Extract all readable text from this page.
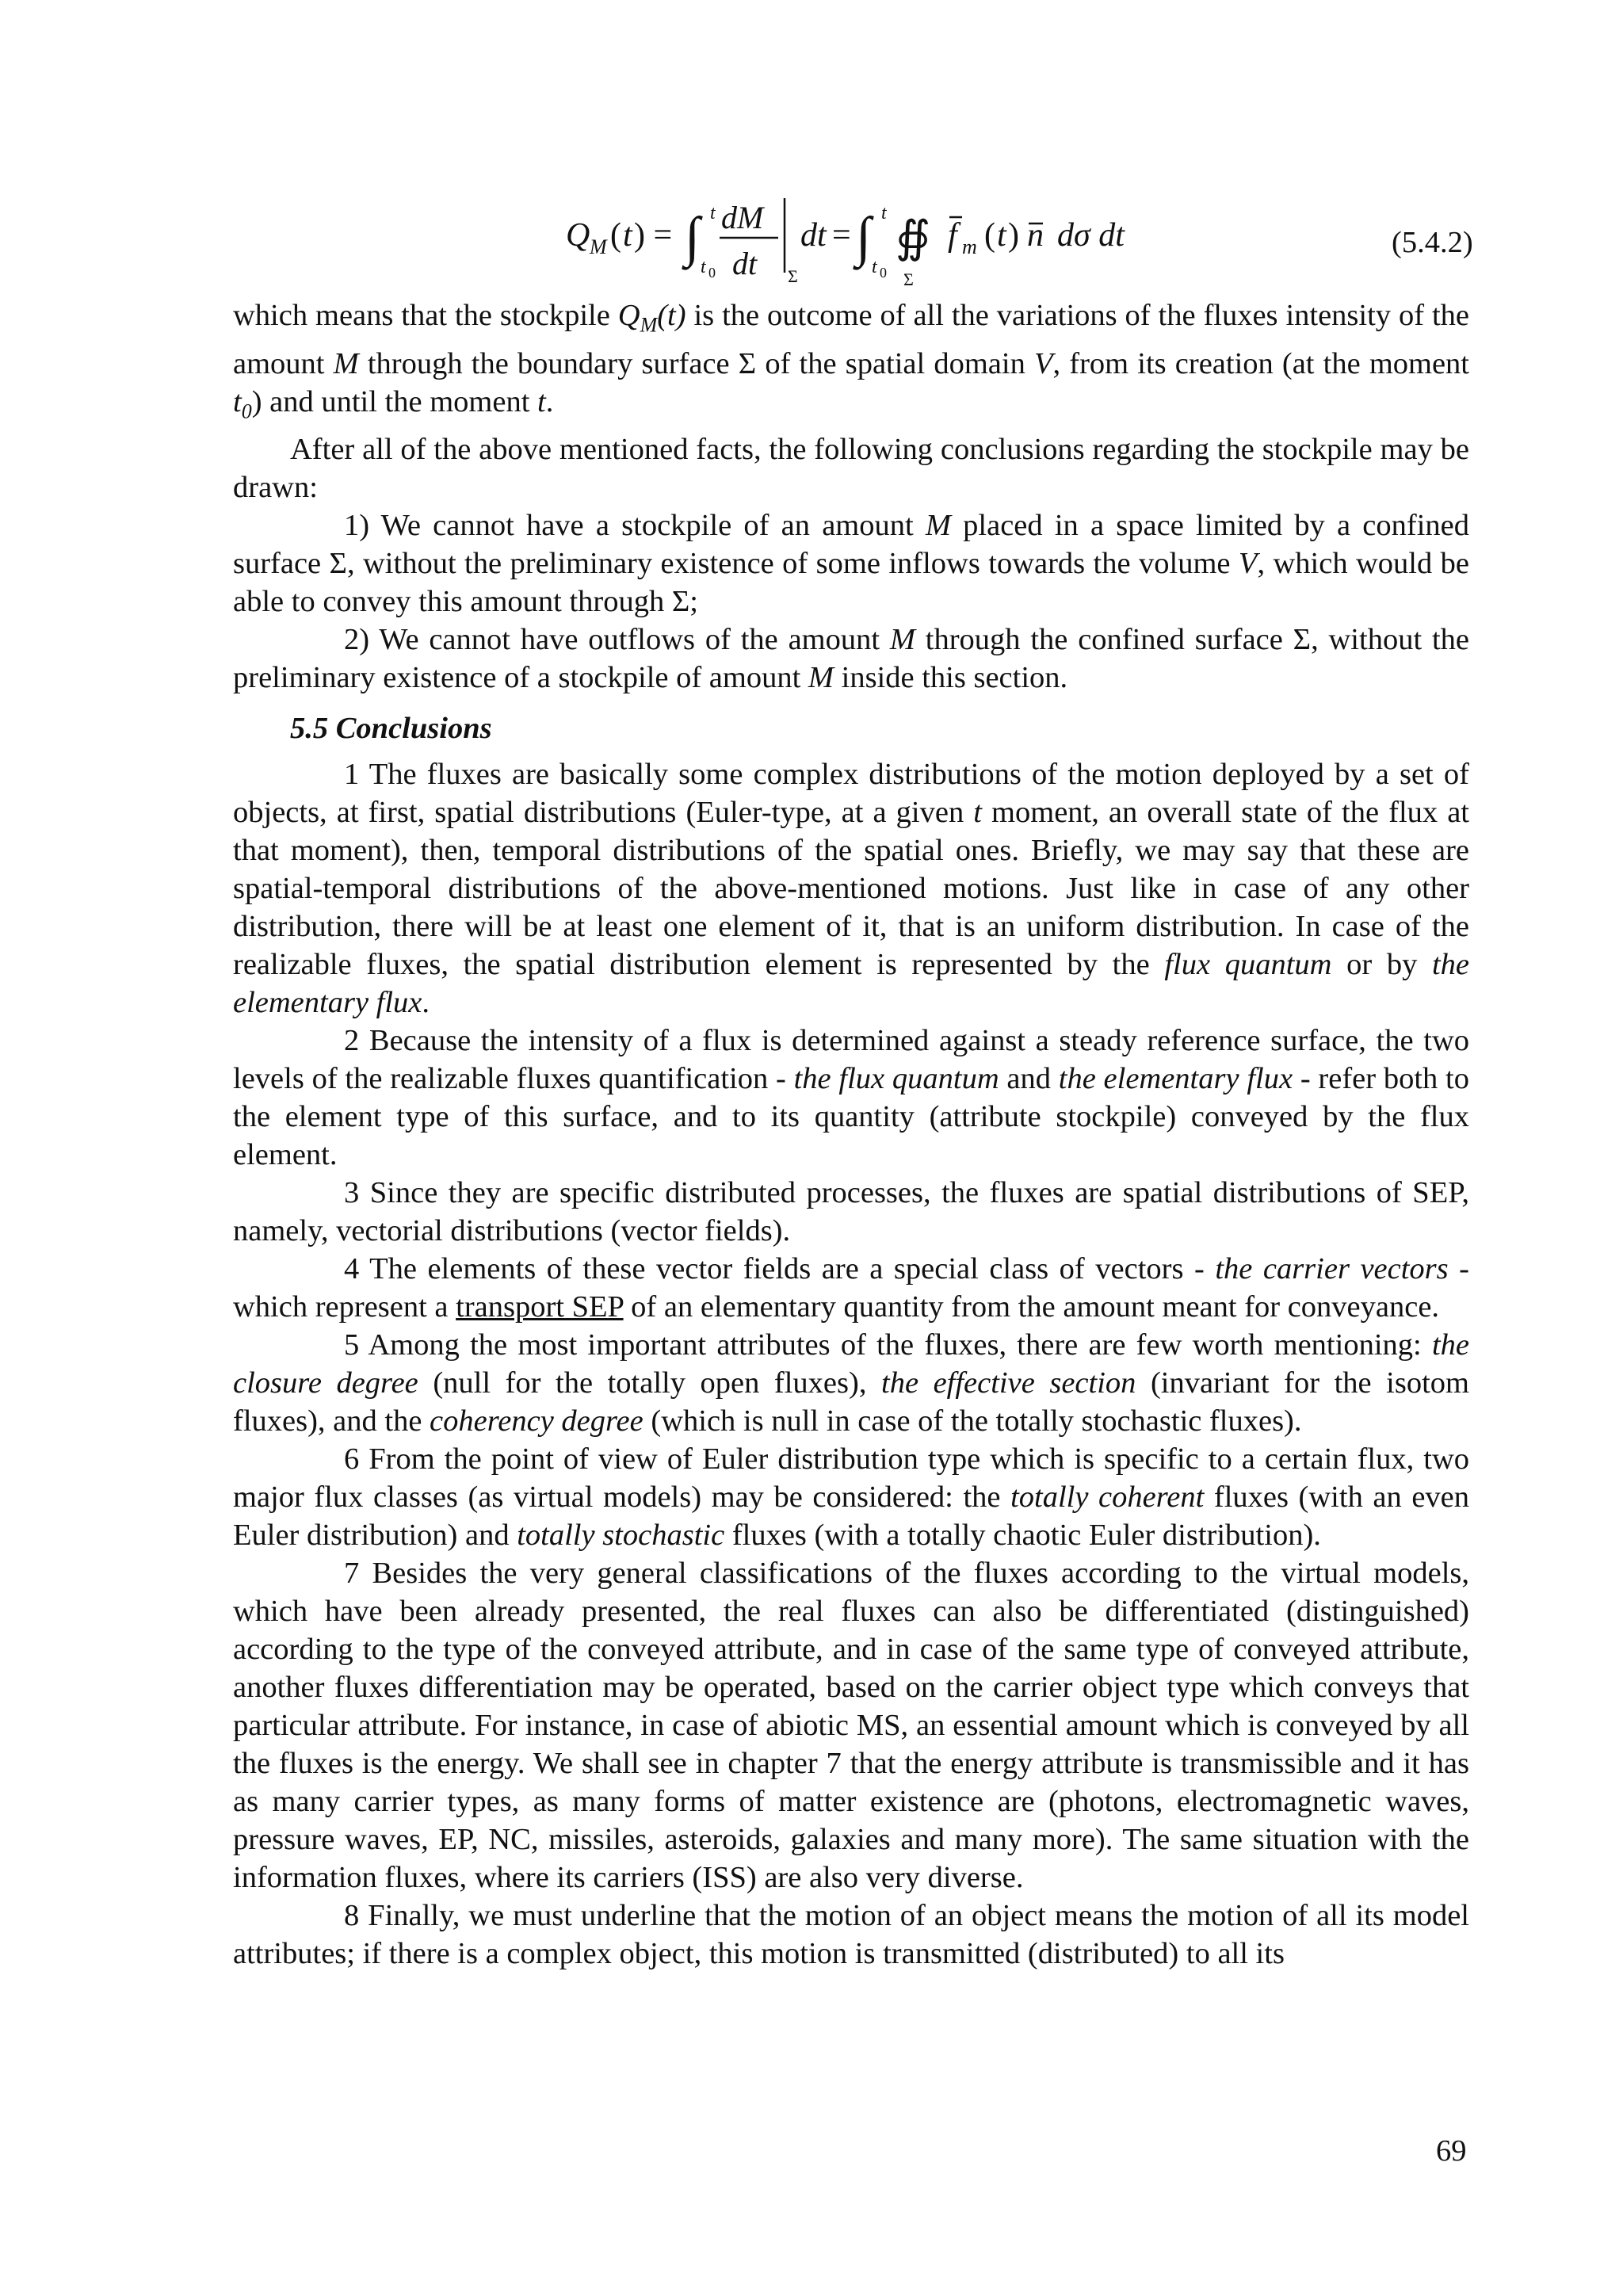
Q M ( t ) = ∫ t
t 0
dM
dt Σ
dt = ∫ t
t 0
∯
Σ
f m ( t ) n dσ dt	(5.4.2)

which means that the stockpile $Q_M(t)$ is the outcome of all the variations of the fluxes intensity of the amount M through the boundary surface Σ of the spatial domain V, from its creation (at the moment $t_0$) and until the moment t.

After all of the above mentioned facts, the following conclusions regarding the stockpile may be drawn:

1) We cannot have a stockpile of an amount M placed in a space limited by a confined surface Σ, without the preliminary existence of some inflows towards the volume V, which would be able to convey this amount through Σ;

2) We cannot have outflows of the amount M through the confined surface Σ, without the preliminary existence of a stockpile of amount M inside this section.

5.5 Conclusions

1 The fluxes are basically some complex distributions of the motion deployed by a set of objects, at first, spatial distributions (Euler-type, at a given t moment, an overall state of the flux at that moment), then, temporal distributions of the spatial ones. Briefly, we may say that these are spatial-temporal distributions of the above-mentioned motions. Just like in case of any other distribution, there will be at least one element of it, that is an uniform distribution. In case of the realizable fluxes, the spatial distribution element is represented by the flux quantum or by the elementary flux.

2 Because the intensity of a flux is determined against a steady reference surface, the two levels of the realizable fluxes quantification - the flux quantum and the elementary flux - refer both to the element type of this surface, and to its quantity (attribute stockpile) conveyed by the flux element.

3 Since they are specific distributed processes, the fluxes are spatial distributions of SEP, namely, vectorial distributions (vector fields).

4 The elements of these vector fields are a special class of vectors - the carrier vectors - which represent a transport SEP of an elementary quantity from the amount meant for conveyance.

5 Among the most important attributes of the fluxes, there are few worth mentioning: the closure degree (null for the totally open fluxes), the effective section (invariant for the isotom fluxes), and the coherency degree (which is null in case of the totally stochastic fluxes).

6 From the point of view of Euler distribution type which is specific to a certain flux, two major flux classes (as virtual models) may be considered: the totally coherent fluxes (with an even Euler distribution) and totally stochastic fluxes (with a totally chaotic Euler distribution).

7 Besides the very general classifications of the fluxes according to the virtual models, which have been already presented, the real fluxes can also be differentiated (distinguished) according to the type of the conveyed attribute, and in case of the same type of conveyed attribute, another fluxes differentiation may be operated, based on the carrier object type which conveys that particular attribute. For instance, in case of abiotic MS, an essential amount which is conveyed by all the fluxes is the energy. We shall see in chapter 7 that the energy attribute is transmissible and it has as many carrier types, as many forms of matter existence are (photons, electromagnetic waves, pressure waves, EP, NC, missiles, asteroids, galaxies and many more). The same situation with the information fluxes, where its carriers (ISS) are also very diverse.

8 Finally, we must underline that the motion of an object means the motion of all its model attributes; if there is a complex object, this motion is transmitted (distributed) to all its

69
